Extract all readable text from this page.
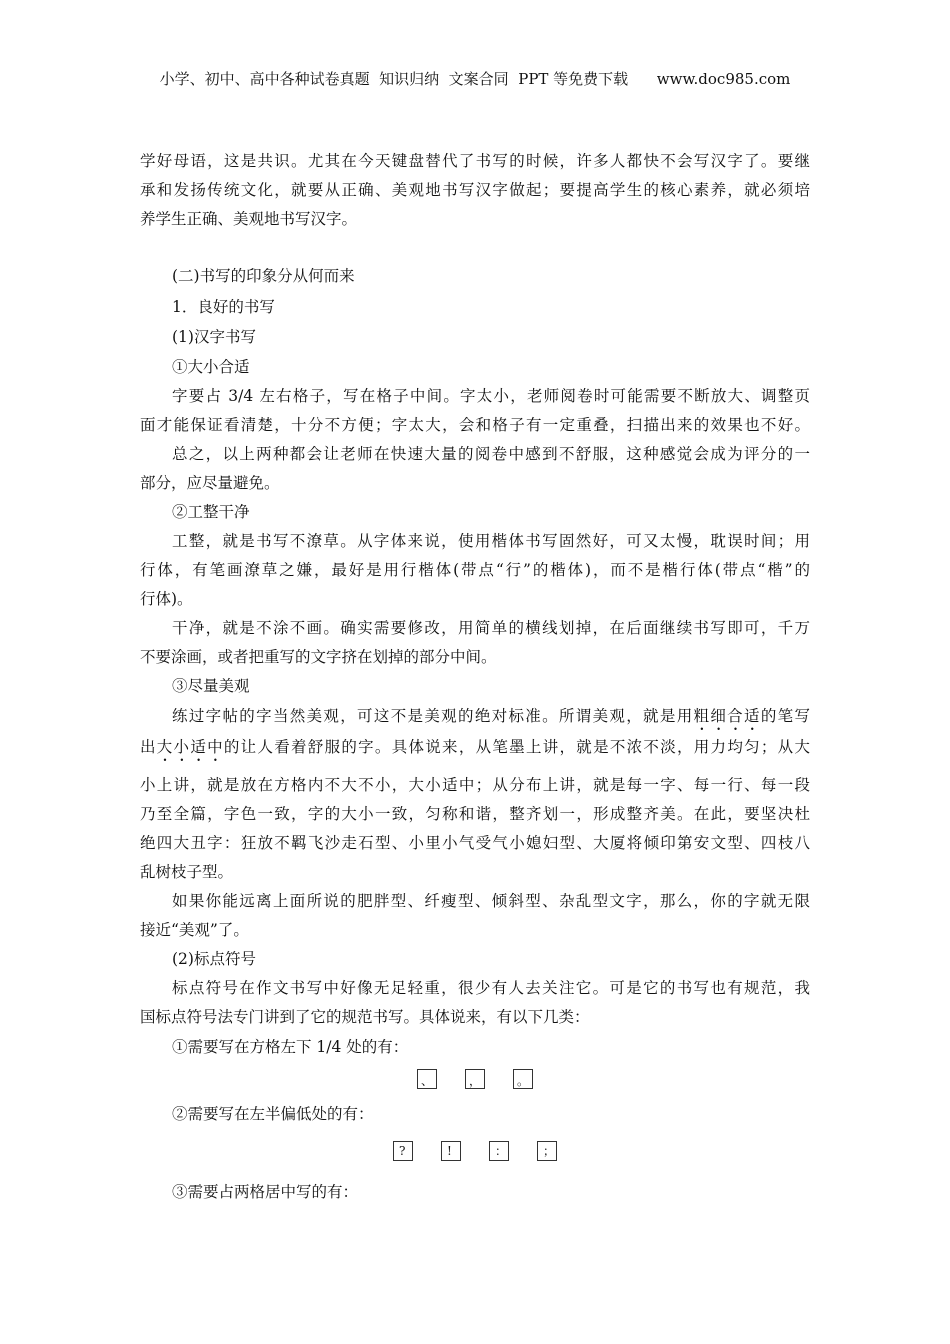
小学、初中、高中各种试卷真题  知识归纳  文案合同  PPT 等免费下载      www.doc985.com
学好母语，这是共识。尤其在今天键盘替代了书写的时候，许多人都快不会写汉字了。要继
承和发扬传统文化，就要从正确、美观地书写汉字做起；要提高学生的核心素养，就必须培
养学生正确、美观地书写汉字。
(二)书写的印象分从何而来
1．良好的书写
(1)汉字书写
①大小合适
字要占 3/4 左右格子，写在格子中间。字太小，老师阅卷时可能需要不断放大、调整页
面才能保证看清楚，十分不方便；字太大，会和格子有一定重叠，扫描出来的效果也不好。
总之，以上两种都会让老师在快速大量的阅卷中感到不舒服，这种感觉会成为评分的一
部分，应尽量避免。
②工整干净
工整，就是书写不潦草。从字体来说，使用楷体书写固然好，可又太慢，耽误时间；用
行体，有笔画潦草之嫌，最好是用行楷体(带点“行”的楷体)，而不是楷行体(带点“楷”的
行体)。
干净，就是不涂不画。确实需要修改，用简单的横线划掉，在后面继续书写即可，千万
不要涂画，或者把重写的文字挤在划掉的部分中间。
③尽量美观
练过字帖的字当然美观，可这不是美观的绝对标准。所谓美观，就是用粗细合适的笔写
出大小适中的让人看着舒服的字。具体说来，从笔墨上讲，就是不浓不淡，用力均匀；从大
小上讲，就是放在方格内不大不小，大小适中；从分布上讲，就是每一字、每一行、每一段
乃至全篇，字色一致，字的大小一致，匀称和谐，整齐划一，形成整齐美。在此，要坚决杜
绝四大丑字：狂放不羁飞沙走石型、小里小气受气小媳妇型、大厦将倾印第安文型、四枝八
乱树枝子型。
如果你能远离上面所说的肥胖型、纤瘦型、倾斜型、杂乱型文字，那么，你的字就无限
接近“美观”了。
(2)标点符号
标点符号在作文书写中好像无足轻重，很少有人去关注它。可是它的书写也有规范，我
国标点符号法专门讲到了它的规范书写。具体说来，有以下几类：
①需要写在方格左下 1/4 处的有：
、	，	。
②需要写在左半偏低处的有：
?	!	：	；
③需要占两格居中写的有：
